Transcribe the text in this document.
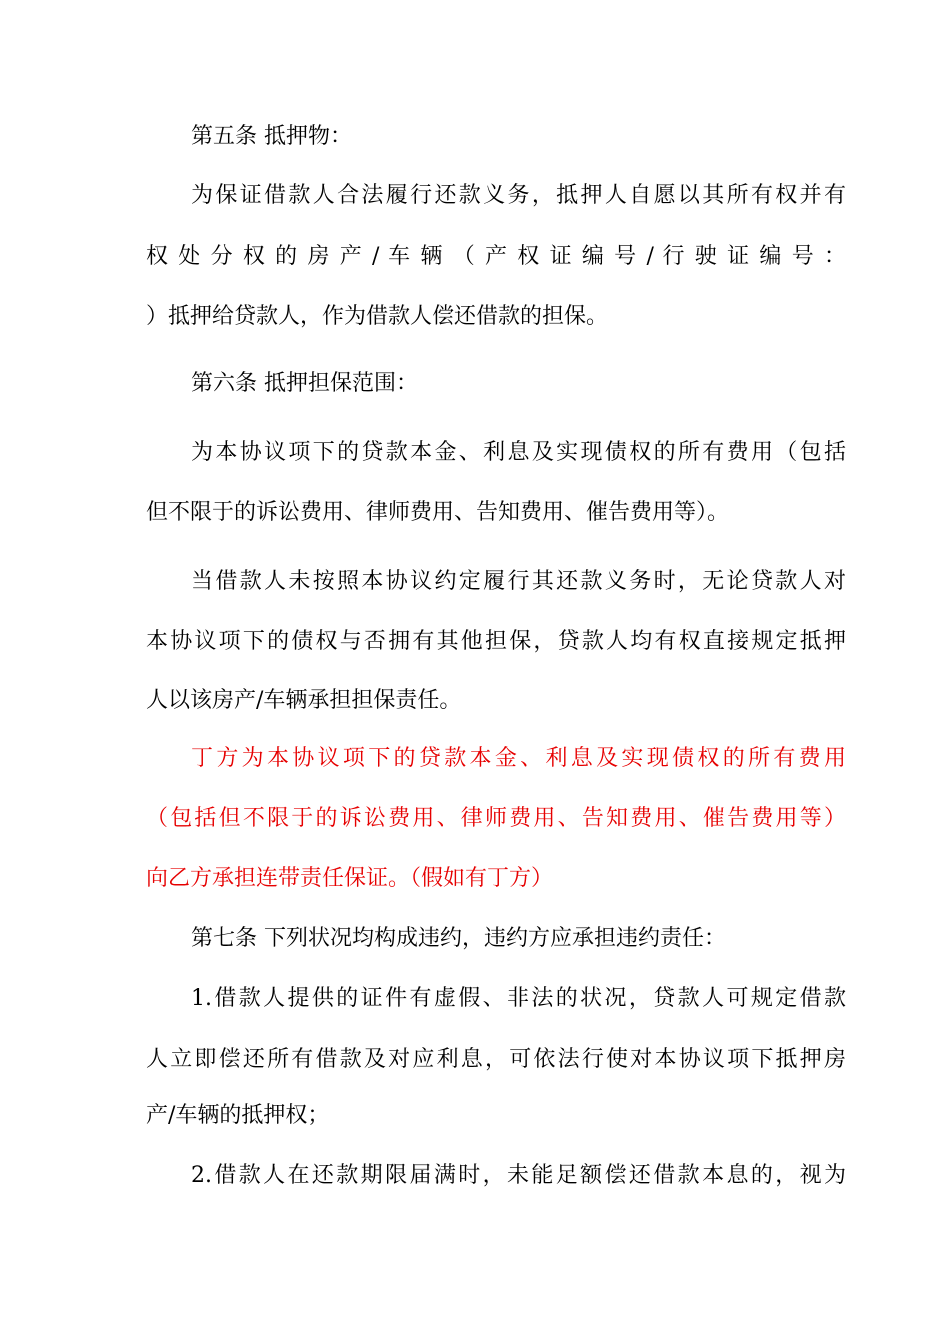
第五条 抵押物：
为保证借款人合法履行还款义务，抵押人自愿以其所有权并有
权 处 分 权 的 房 产 / 车 辆 （ 产 权 证 编 号 / 行 驶 证 编 号 ：
）抵押给贷款人，作为借款人偿还借款的担保。
第六条 抵押担保范围：
为本协议项下的贷款本金、利息及实现债权的所有费用（包括
但不限于的诉讼费用、律师费用、告知费用、催告费用等）。
当借款人未按照本协议约定履行其还款义务时，无论贷款人对
本协议项下的债权与否拥有其他担保，贷款人均有权直接规定抵押
人以该房产/车辆承担担保责任。
丁方为本协议项下的贷款本金、利息及实现债权的所有费用
（包括但不限于的诉讼费用、律师费用、告知费用、催告费用等）
向乙方承担连带责任保证。（假如有丁方）
第七条 下列状况均构成违约，违约方应承担违约责任：
1.借款人提供的证件有虚假、非法的状况，贷款人可规定借款
人立即偿还所有借款及对应利息，可依法行使对本协议项下抵押房
产/车辆的抵押权；
2.借款人在还款期限届满时，未能足额偿还借款本息的，视为
